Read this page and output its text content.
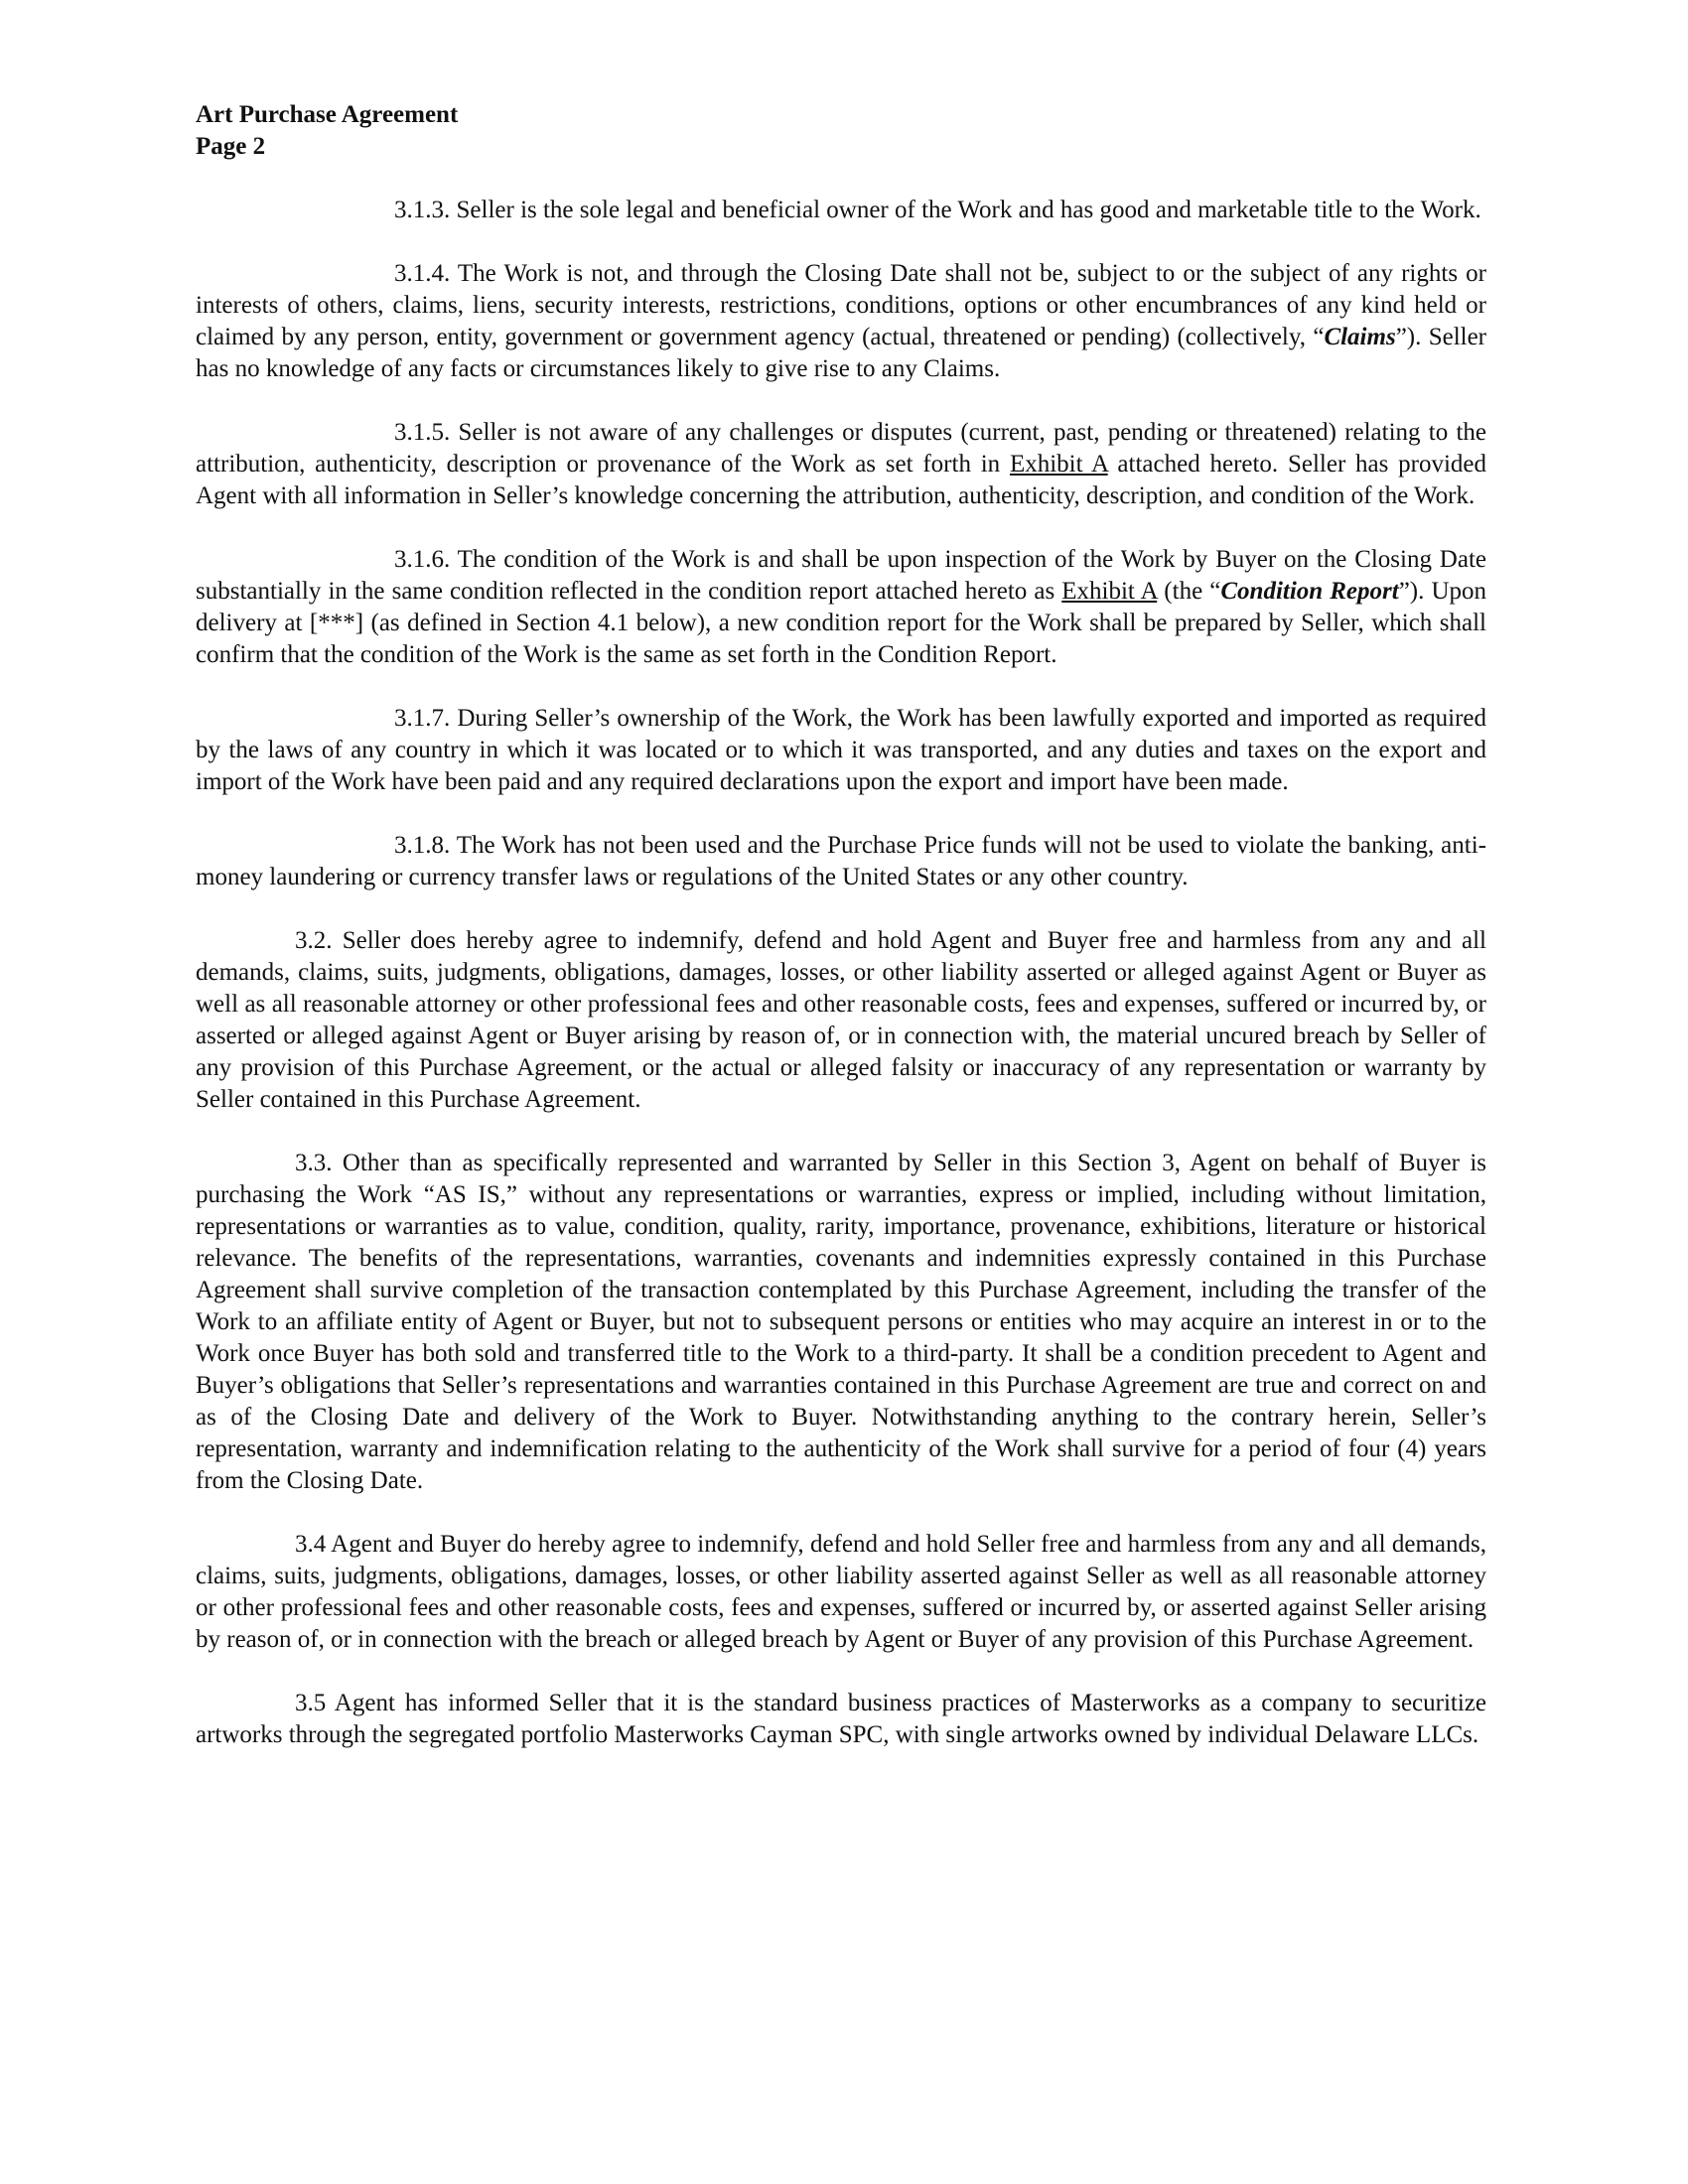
Art Purchase Agreement
Page 2

3.1.3. Seller is the sole legal and beneficial owner of the Work and has good and marketable title to the Work.

3.1.4. The Work is not, and through the Closing Date shall not be, subject to or the subject of any rights or interests of others, claims, liens, security interests, restrictions, conditions, options or other encumbrances of any kind held or claimed by any person, entity, government or government agency (actual, threatened or pending) (collectively, “Claims”). Seller has no knowledge of any facts or circumstances likely to give rise to any Claims.

3.1.5. Seller is not aware of any challenges or disputes (current, past, pending or threatened) relating to the attribution, authenticity, description or provenance of the Work as set forth in Exhibit A attached hereto. Seller has provided Agent with all information in Seller’s knowledge concerning the attribution, authenticity, description, and condition of the Work.

3.1.6. The condition of the Work is and shall be upon inspection of the Work by Buyer on the Closing Date substantially in the same condition reflected in the condition report attached hereto as Exhibit A (the “Condition Report”). Upon delivery at [***] (as defined in Section 4.1 below), a new condition report for the Work shall be prepared by Seller, which shall confirm that the condition of the Work is the same as set forth in the Condition Report.

3.1.7. During Seller’s ownership of the Work, the Work has been lawfully exported and imported as required by the laws of any country in which it was located or to which it was transported, and any duties and taxes on the export and import of the Work have been paid and any required declarations upon the export and import have been made.

3.1.8. The Work has not been used and the Purchase Price funds will not be used to violate the banking, anti-money laundering or currency transfer laws or regulations of the United States or any other country.

3.2. Seller does hereby agree to indemnify, defend and hold Agent and Buyer free and harmless from any and all demands, claims, suits, judgments, obligations, damages, losses, or other liability asserted or alleged against Agent or Buyer as well as all reasonable attorney or other professional fees and other reasonable costs, fees and expenses, suffered or incurred by, or asserted or alleged against Agent or Buyer arising by reason of, or in connection with, the material uncured breach by Seller of any provision of this Purchase Agreement, or the actual or alleged falsity or inaccuracy of any representation or warranty by Seller contained in this Purchase Agreement.

3.3. Other than as specifically represented and warranted by Seller in this Section 3, Agent on behalf of Buyer is purchasing the Work “AS IS,” without any representations or warranties, express or implied, including without limitation, representations or warranties as to value, condition, quality, rarity, importance, provenance, exhibitions, literature or historical relevance. The benefits of the representations, warranties, covenants and indemnities expressly contained in this Purchase Agreement shall survive completion of the transaction contemplated by this Purchase Agreement, including the transfer of the Work to an affiliate entity of Agent or Buyer, but not to subsequent persons or entities who may acquire an interest in or to the Work once Buyer has both sold and transferred title to the Work to a third-party. It shall be a condition precedent to Agent and Buyer’s obligations that Seller’s representations and warranties contained in this Purchase Agreement are true and correct on and as of the Closing Date and delivery of the Work to Buyer. Notwithstanding anything to the contrary herein, Seller’s representation, warranty and indemnification relating to the authenticity of the Work shall survive for a period of four (4) years from the Closing Date.

3.4 Agent and Buyer do hereby agree to indemnify, defend and hold Seller free and harmless from any and all demands, claims, suits, judgments, obligations, damages, losses, or other liability asserted against Seller as well as all reasonable attorney or other professional fees and other reasonable costs, fees and expenses, suffered or incurred by, or asserted against Seller arising by reason of, or in connection with the breach or alleged breach by Agent or Buyer of any provision of this Purchase Agreement.

3.5 Agent has informed Seller that it is the standard business practices of Masterworks as a company to securitize artworks through the segregated portfolio Masterworks Cayman SPC, with single artworks owned by individual Delaware LLCs.
